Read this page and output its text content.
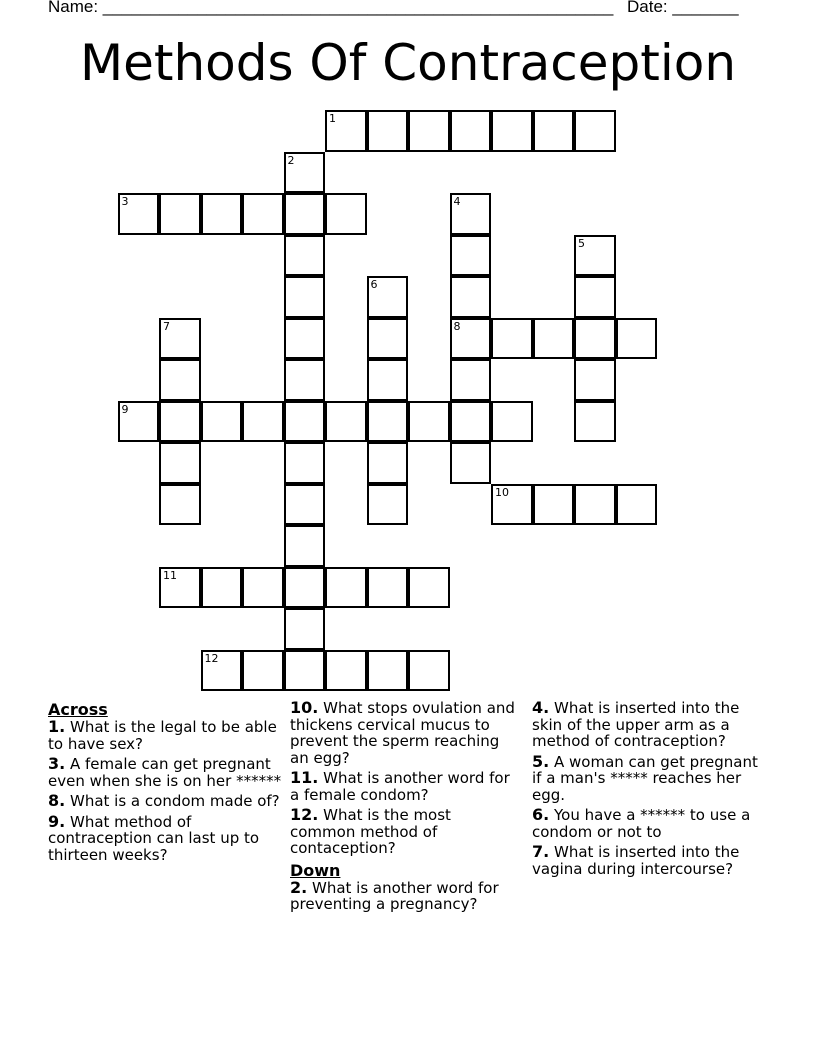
Name: ______________________________________________________ Date: _______
Methods Of Contraception
1
2
3	4
5
6
7	8
9
10
11
12
Across
1. What is the legal to be able to have sex?
3. A female can get pregnant even when she is on her ******
8. What is a condom made of?
9. What method of contraception can last up to thirteen weeks?
10. What stops ovulation and thickens cervical mucus to prevent the sperm reaching an egg?
11. What is another word for a female condom?
12. What is the most common method of contaception?
Down
2. What is another word for preventing a pregnancy?
4. What is inserted into the skin of the upper arm as a method of contraception?
5. A woman can get pregnant if a man's ***** reaches her egg.
6. You have a ****** to use a condom or not to
7. What is inserted into the vagina during intercourse?
